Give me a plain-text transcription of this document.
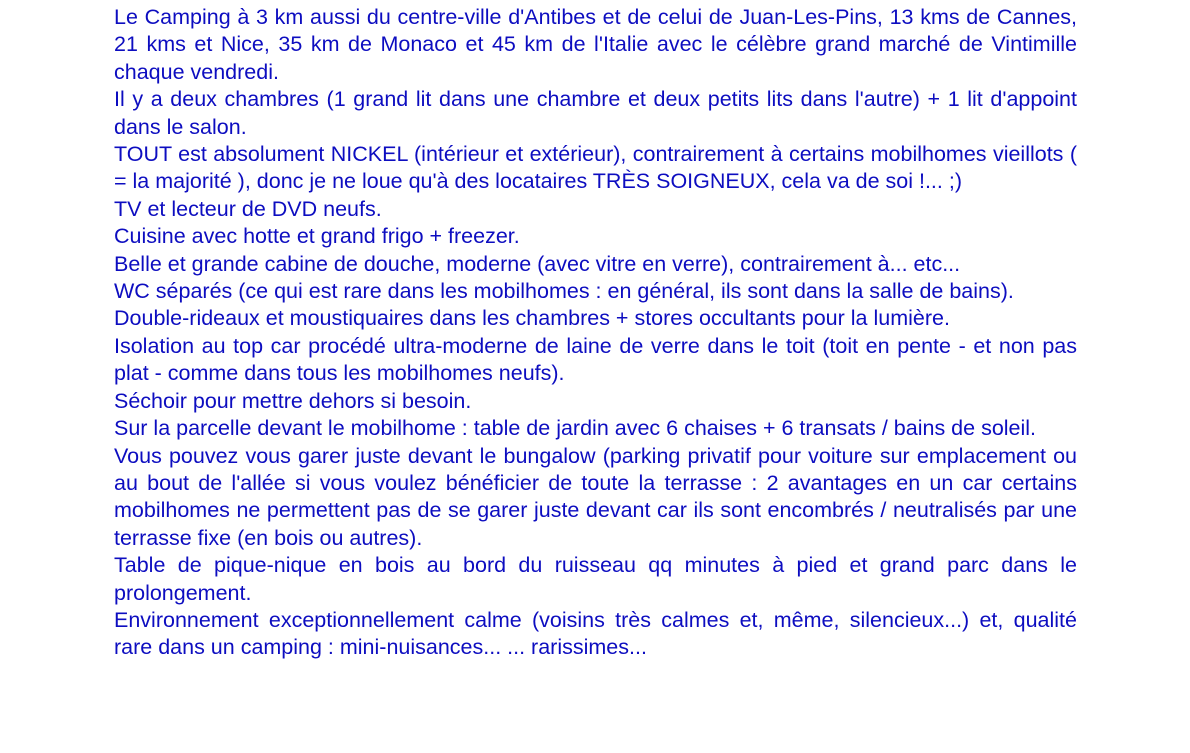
Le Camping à 3 km aussi du centre-ville d'Antibes et de celui de Juan-Les-Pins, 13 kms de Cannes, 21 kms et Nice, 35 km de Monaco et 45 km de l'Italie avec le célèbre grand marché de Vintimille chaque vendredi.

Il y a deux chambres (1 grand lit dans une chambre et deux petits lits dans l'autre) + 1 lit d'appoint dans le salon.

TOUT est absolument NICKEL (intérieur et extérieur), contrairement à certains mobilhomes vieillots ( = la majorité ), donc je ne loue qu'à des locataires TRÈS SOIGNEUX, cela va de soi !... ;)

TV et lecteur de DVD neufs.

Cuisine avec hotte et grand frigo + freezer.

Belle et grande cabine de douche, moderne (avec vitre en verre), contrairement à... etc...

WC séparés (ce qui est rare dans les mobilhomes : en général, ils sont dans la salle de bains).

Double-rideaux et moustiquaires dans les chambres + stores occultants pour la lumière.

Isolation au top car procédé ultra-moderne de laine de verre dans le toit (toit en pente - et non pas plat - comme dans tous les mobilhomes neufs).

Séchoir pour mettre dehors si besoin.

Sur la parcelle devant le mobilhome : table de jardin avec 6 chaises + 6 transats / bains de soleil.

Vous pouvez vous garer juste devant le bungalow (parking privatif pour voiture sur emplacement ou au bout de l'allée si vous voulez bénéficier de toute la terrasse : 2 avantages en un car certains mobilhomes ne permettent pas de se garer juste devant car ils sont encombrés / neutralisés par une terrasse fixe (en bois ou autres).

Table de pique-nique en bois au bord du ruisseau qq minutes à pied et grand parc dans le prolongement.

Environnement exceptionnellement calme (voisins très calmes et, même, silencieux...) et, qualité rare dans un camping : mini-nuisances... ... rarissimes...
